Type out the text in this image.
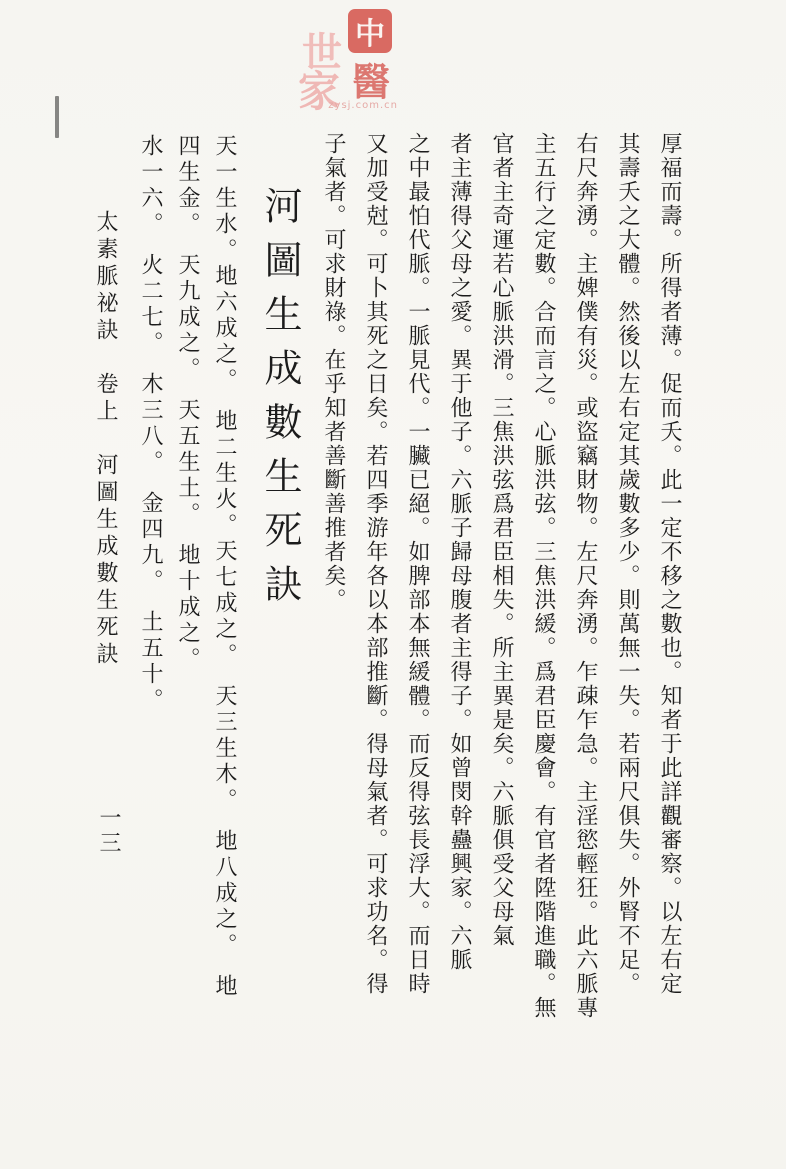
世
家
中
醫
zysj.com.cn
厚福而壽。所得者薄。促而夭。此一定不移之數也。知者于此詳觀審察。以左右定
其壽夭之大體。然後以左右定其歲數多少。則萬無一失。若兩尺俱失。外腎不足。
右尺奔湧。主婢僕有災。或盜竊財物。左尺奔湧。乍疎乍急。主淫慾輕狂。此六脈專
主五行之定數。合而言之。心脈洪弦。三焦洪緩。爲君臣慶會。有官者陞階進職。無
官者主奇運若心脈洪滑。三焦洪弦爲君臣相失。所主異是矣。六脈俱受父母氣
者主薄得父母之愛。異于他子。六脈子歸母腹者主得子。如曾閔幹蠱興家。六脈
之中最怕代脈。一脈見代。一臟已絕。如脾部本無緩體。而反得弦長浮大。而日時
又加受尅。可卜其死之日矣。若四季游年各以本部推斷。得母氣者。可求功名。得
子氣者。可求財祿。在乎知者善斷善推者矣。
河圖生成數生死訣
天一生水。地六成之。　地二生火。天七成之。　天三生木。　地八成之。　地
四生金。　天九成之。　天五生土。　地十成之。
水一六。　火二七。　木三八。　金四九。　土五十。
太素脈祕訣　卷上　河圖生成數生死訣
一三
